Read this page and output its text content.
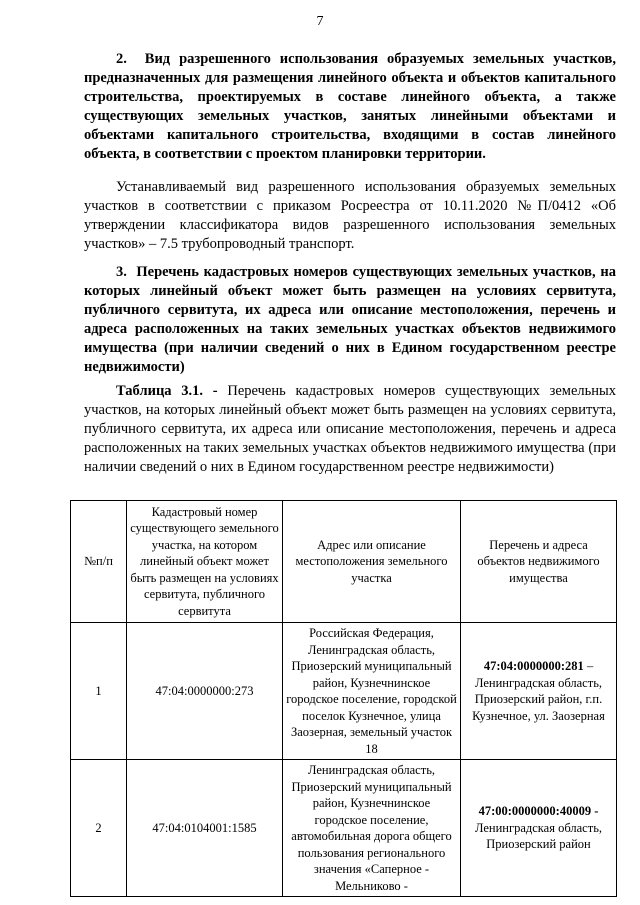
7

2.  Вид разрешенного использования образуемых земельных участков, предназначенных для размещения линейного объекта и объектов капитального строительства, проектируемых в составе линейного объекта, а также существующих земельных участков, занятых линейными объектами и объектами капитального строительства, входящими в состав линейного объекта, в соответствии с проектом планировки территории.

Устанавливаемый вид разрешенного использования образуемых земельных участков в соответствии с приказом Росреестра от 10.11.2020 №П/0412 «Об утверждении классификатора видов разрешенного использования земельных участков» – 7.5 трубопроводный транспорт.

3.  Перечень кадастровых номеров существующих земельных участков, на которых линейный объект может быть размещен на условиях сервитута, публичного сервитута, их адреса или описание местоположения, перечень и адреса расположенных на таких земельных участках объектов недвижимого имущества (при наличии сведений о них в Едином государственном реестре недвижимости)

Таблица 3.1. - Перечень кадастровых номеров существующих земельных участков, на которых линейный объект может быть размещен на условиях сервитута, публичного сервитута, их адреса или описание местоположения, перечень и адреса расположенных на таких земельных участках объектов недвижимого имущества (при наличии сведений о них в Едином государственном реестре недвижимости)

№п/п	Кадастровый номер существующего земельного участка, на котором линейный объект может быть размещен на условиях сервитута, публичного сервитута	Адрес или описание местоположения земельного участка	Перечень и адреса объектов недвижимого имущества
1	47:04:0000000:273	Российская Федерация, Ленинградская область, Приозерский муниципальный район, Кузнечнинское городское поселение, городской поселок Кузнечное, улица Заозерная, земельный участок 18	47:04:0000000:281 – Ленинградская область, Приозерский район, г.п. Кузнечное, ул. Заозерная
2	47:04:0104001:1585	Ленинградская область, Приозерский муниципальный район, Кузнечнинское городское поселение, автомобильная дорога общего пользования регионального значения «Саперное - Мельниково -	47:00:0000000:40009 - Ленинградская область, Приозерский район
